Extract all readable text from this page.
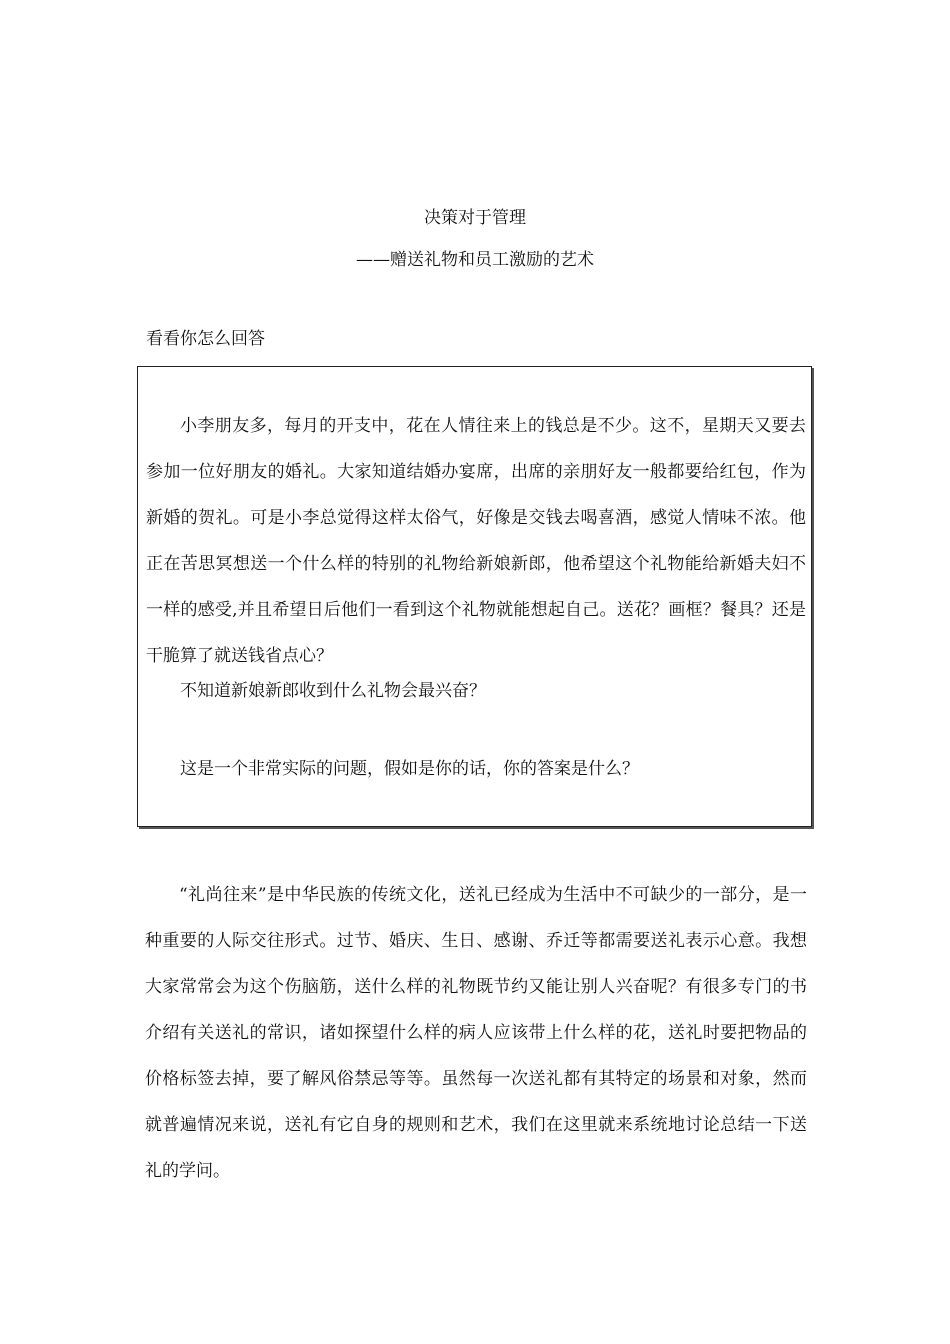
决策对于管理
——赠送礼物和员工激励的艺术
看看你怎么回答

小李朋友多，每月的开支中，花在人情往来上的钱总是不少。这不，星期天又要去参加一位好朋友的婚礼。大家知道结婚办宴席，出席的亲朋好友一般都要给红包，作为新婚的贺礼。可是小李总觉得这样太俗气，好像是交钱去喝喜酒，感觉人情味不浓。他正在苦思冥想送一个什么样的特别的礼物给新娘新郎，他希望这个礼物能给新婚夫妇不一样的感受,并且希望日后他们一看到这个礼物就能想起自己。送花？画框？餐具？还是干脆算了就送钱省点心？

不知道新娘新郎收到什么礼物会最兴奋？

这是一个非常实际的问题，假如是你的话，你的答案是什么？

“礼尚往来”是中华民族的传统文化，送礼已经成为生活中不可缺少的一部分，是一种重要的人际交往形式。过节、婚庆、生日、感谢、乔迁等都需要送礼表示心意。我想大家常常会为这个伤脑筋，送什么样的礼物既节约又能让别人兴奋呢？有很多专门的书介绍有关送礼的常识，诸如探望什么样的病人应该带上什么样的花，送礼时要把物品的价格标签去掉，要了解风俗禁忌等等。虽然每一次送礼都有其特定的场景和对象，然而就普遍情况来说，送礼有它自身的规则和艺术，我们在这里就来系统地讨论总结一下送礼的学问。
